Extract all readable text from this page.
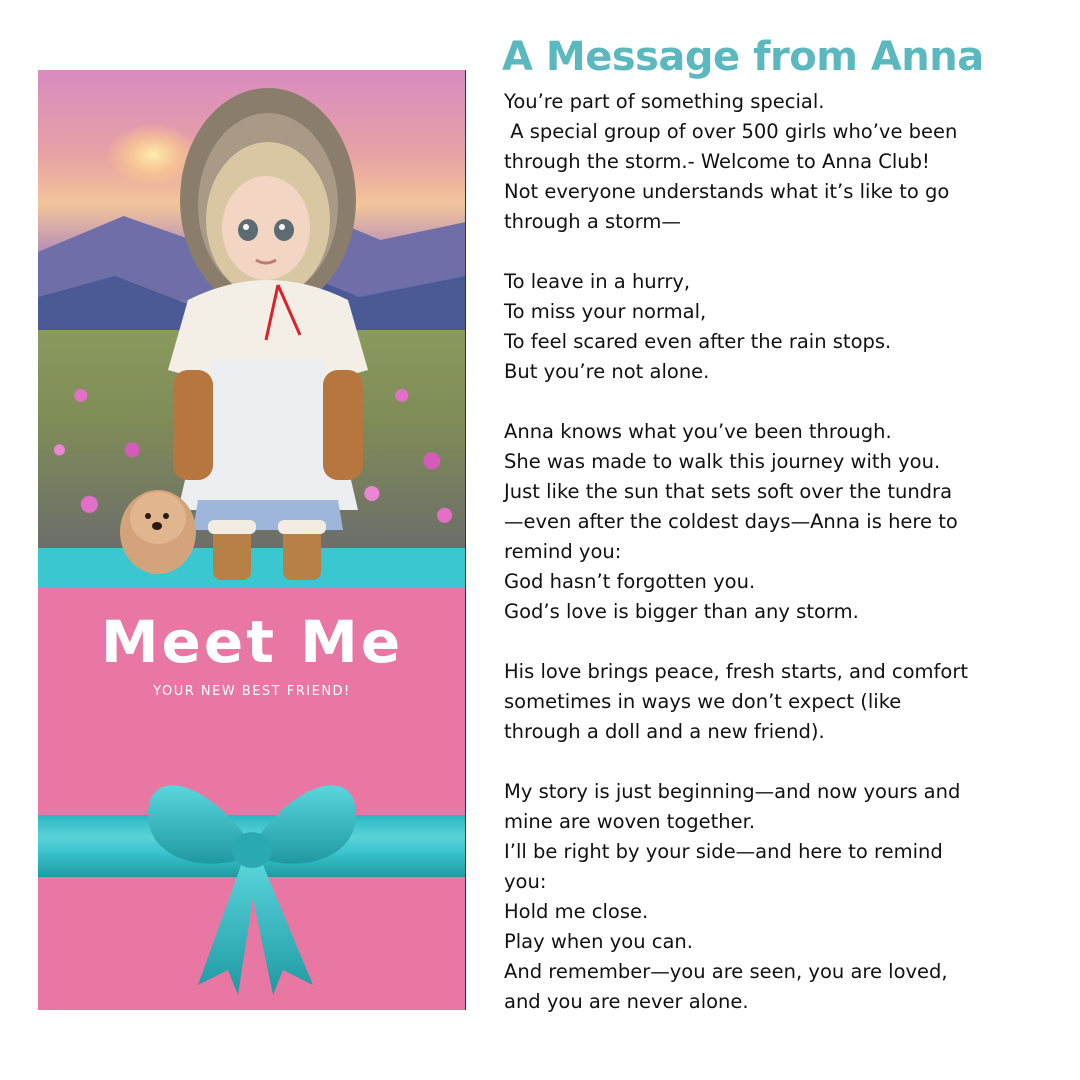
A Message from Anna

Meet Me

YOUR NEW BEST FRIEND!

You’re part of something special.
A special group of over 500 girls who’ve been
through the storm.- Welcome to Anna Club!
Not everyone understands what it’s like to go
through a storm—
To leave in a hurry,
To miss your normal,
To feel scared even after the rain stops.
But you’re not alone.
Anna knows what you’ve been through.
She was made to walk this journey with you.
Just like the sun that sets soft over the tundra
—even after the coldest days—Anna is here to
remind you:
God hasn’t forgotten you.
God’s love is bigger than any storm.
His love brings peace, fresh starts, and comfort
sometimes in ways we don’t expect (like
through a doll and a new friend).
My story is just beginning—and now yours and
mine are woven together.
I’ll be right by your side—and here to remind
you:
Hold me close.
Play when you can.
And remember—you are seen, you are loved,
and you are never alone.
